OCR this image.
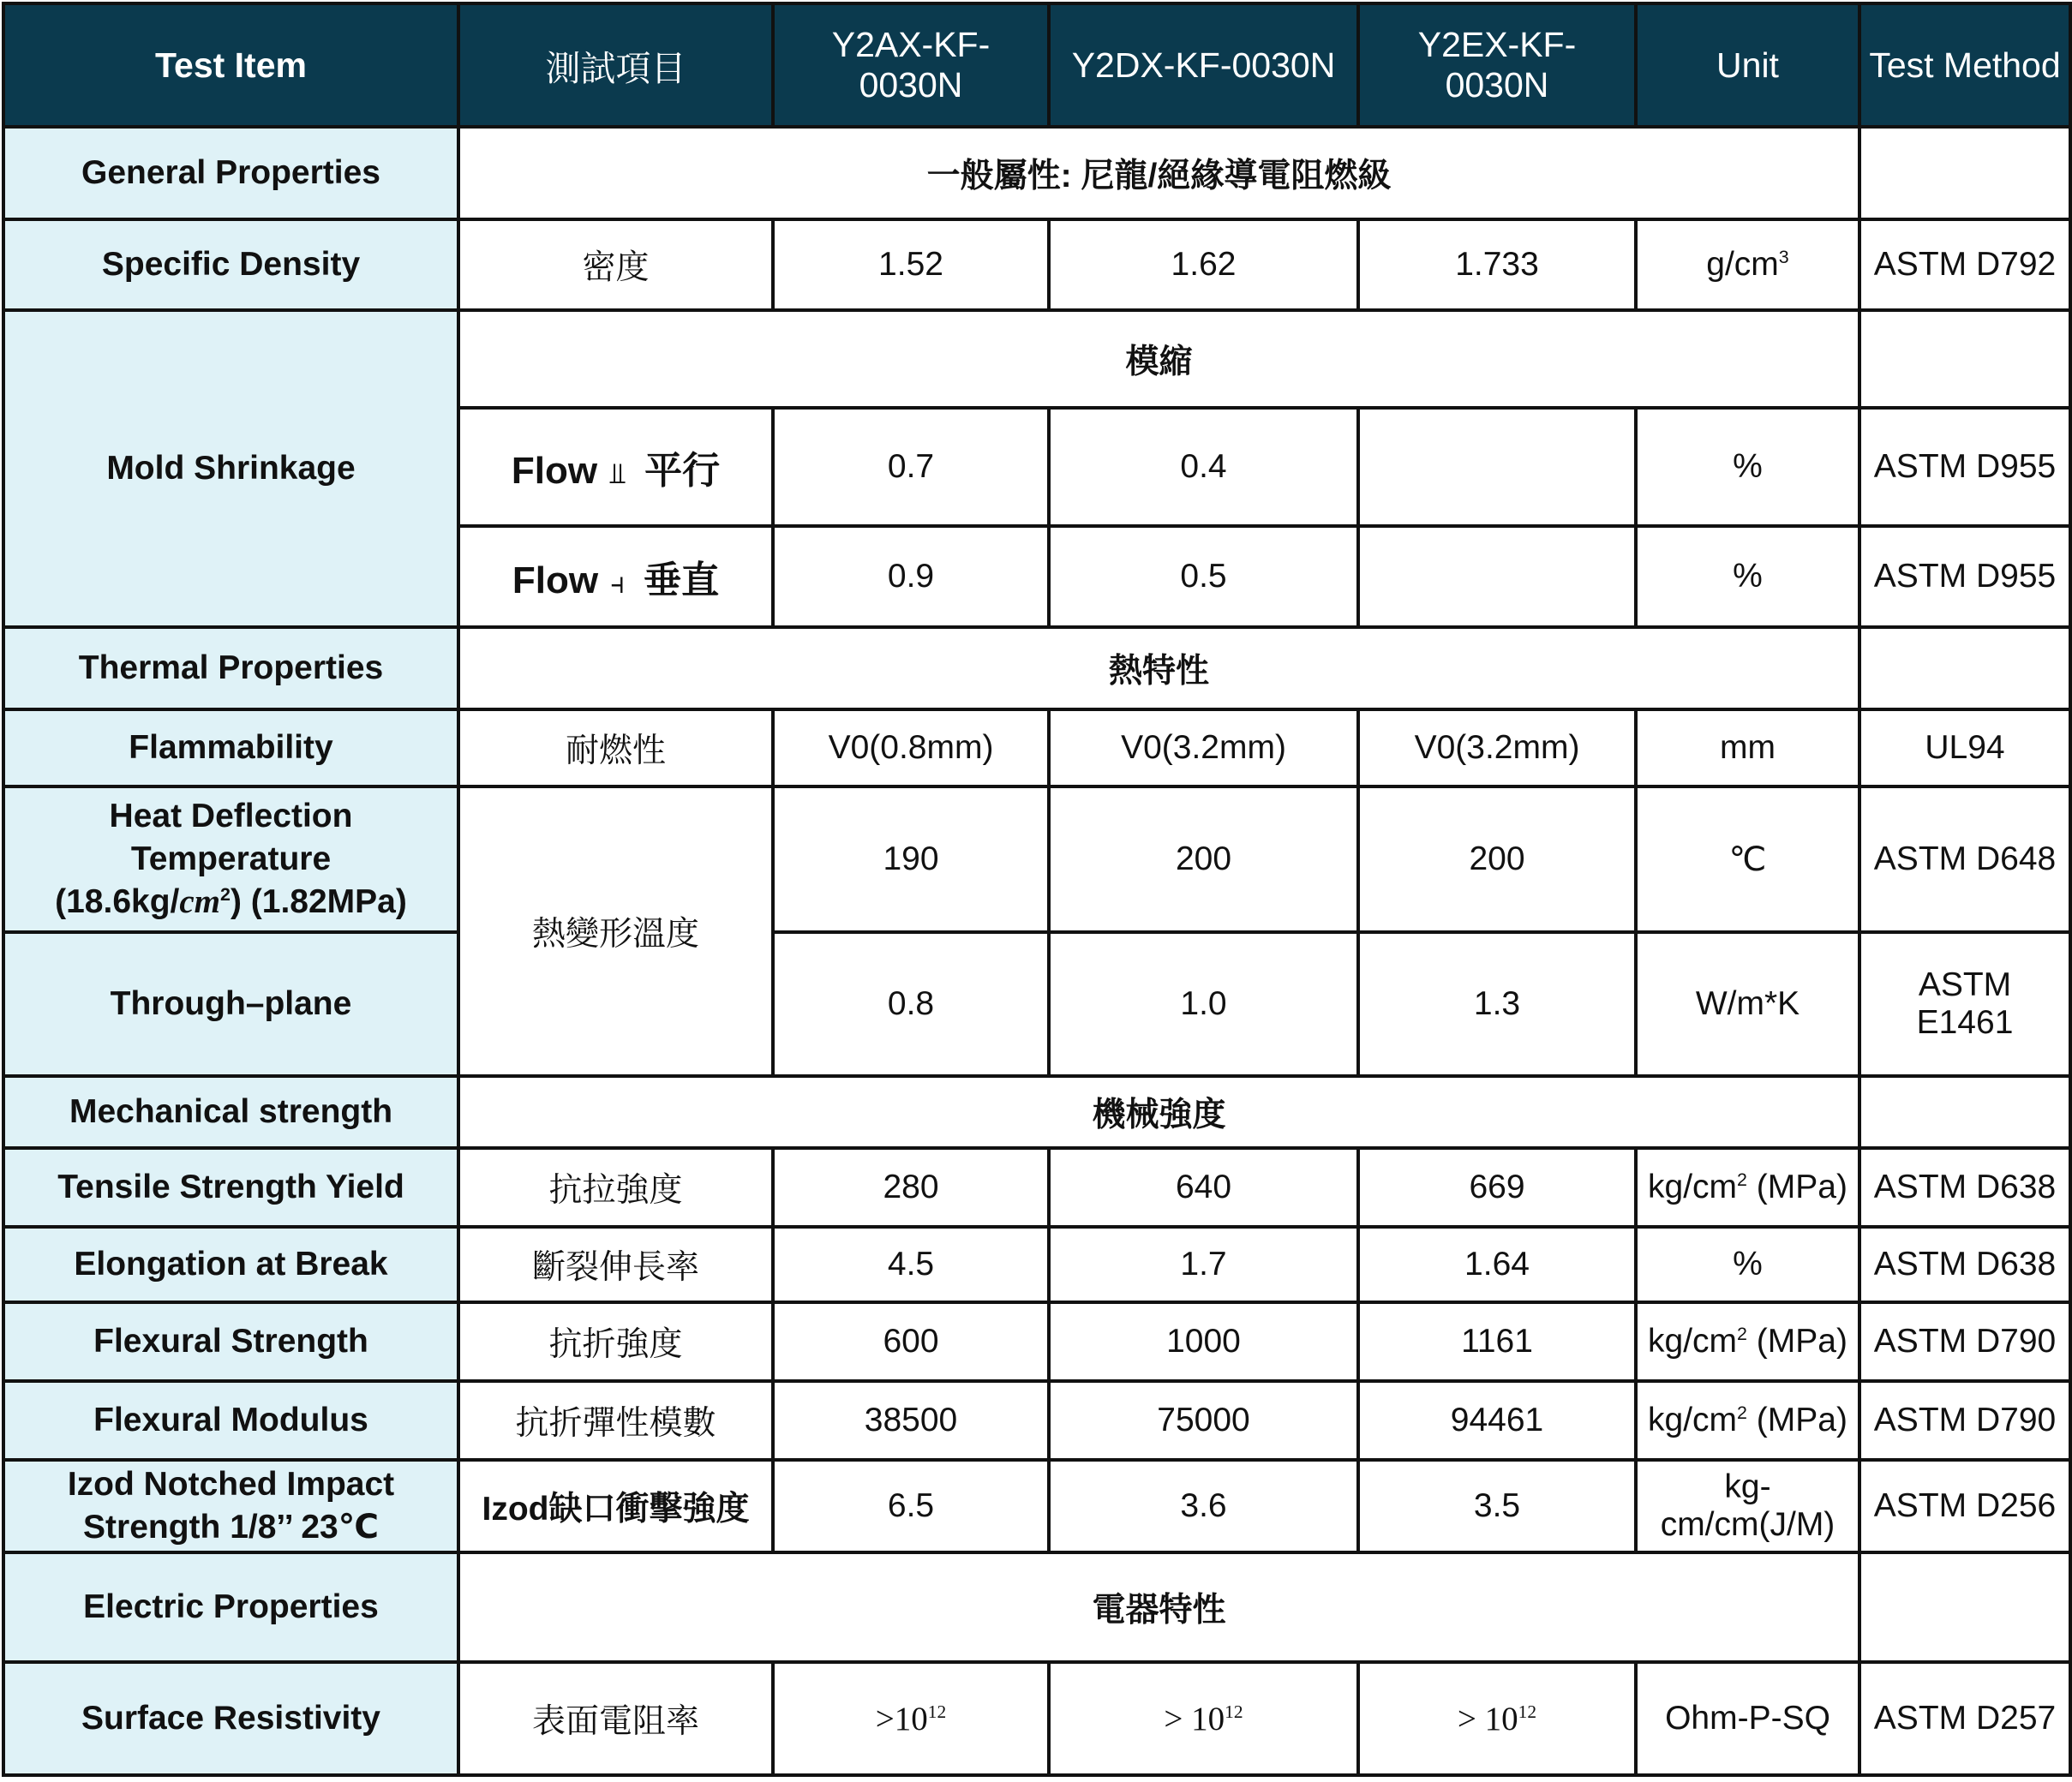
Test Item	測試項目	Y2AX-KF-0030N	Y2DX-KF-0030N	Y2EX-KF-0030N	Unit	Test Method
General Properties	一般屬性: 尼龍/絕緣導電阻燃級					
Specific Density	密度	1.52	1.62	1.733	$g/cm^3$	ASTM D792
Mold Shrinkage	模縮					
	Flow ⫫ 平行	0.7	0.4		%	ASTM D955
	Flow ⫞ 垂直	0.9	0.5		%	ASTM D955
Thermal Properties	熱特性					
Flammability	耐燃性	V0(0.8mm)	V0(3.2mm)	V0(3.2mm)	mm	UL94

Heat Deflection
Temperature
$(18.6kg/cm^2)$ (1.82MPa)	熱變形溫度	190	200	200	℃	ASTM D648
Through–plane		0.8	1.0	1.3	W/m*K	ASTM E1461
Mechanical strength	機械強度					
Tensile Strength Yield	抗拉強度	280	640	669	$kg/cm^2$ (MPa)	ASTM D638
Elongation at Break	斷裂伸長率	4.5	1.7	1.64	%	ASTM D638
Flexural Strength	抗折強度	600	1000	1161	$kg/cm^2$ (MPa)	ASTM D790
Flexural Modulus	抗折彈性模數	38500	75000	94461	$kg/cm^2$ (MPa)	ASTM D790

Izod Notched Impact
Strength 1/8’’ 23℃	Izod缺口衝擊強度	6.5	3.6	3.5	kg-cm/cm(J/M)	ASTM D256
Electric Properties	電器特性					
Surface Resistivity	表面電阻率	$>10^{12}$	> $10^{12}$	> $10^{12}$	Ohm-P-SQ	ASTM D257
